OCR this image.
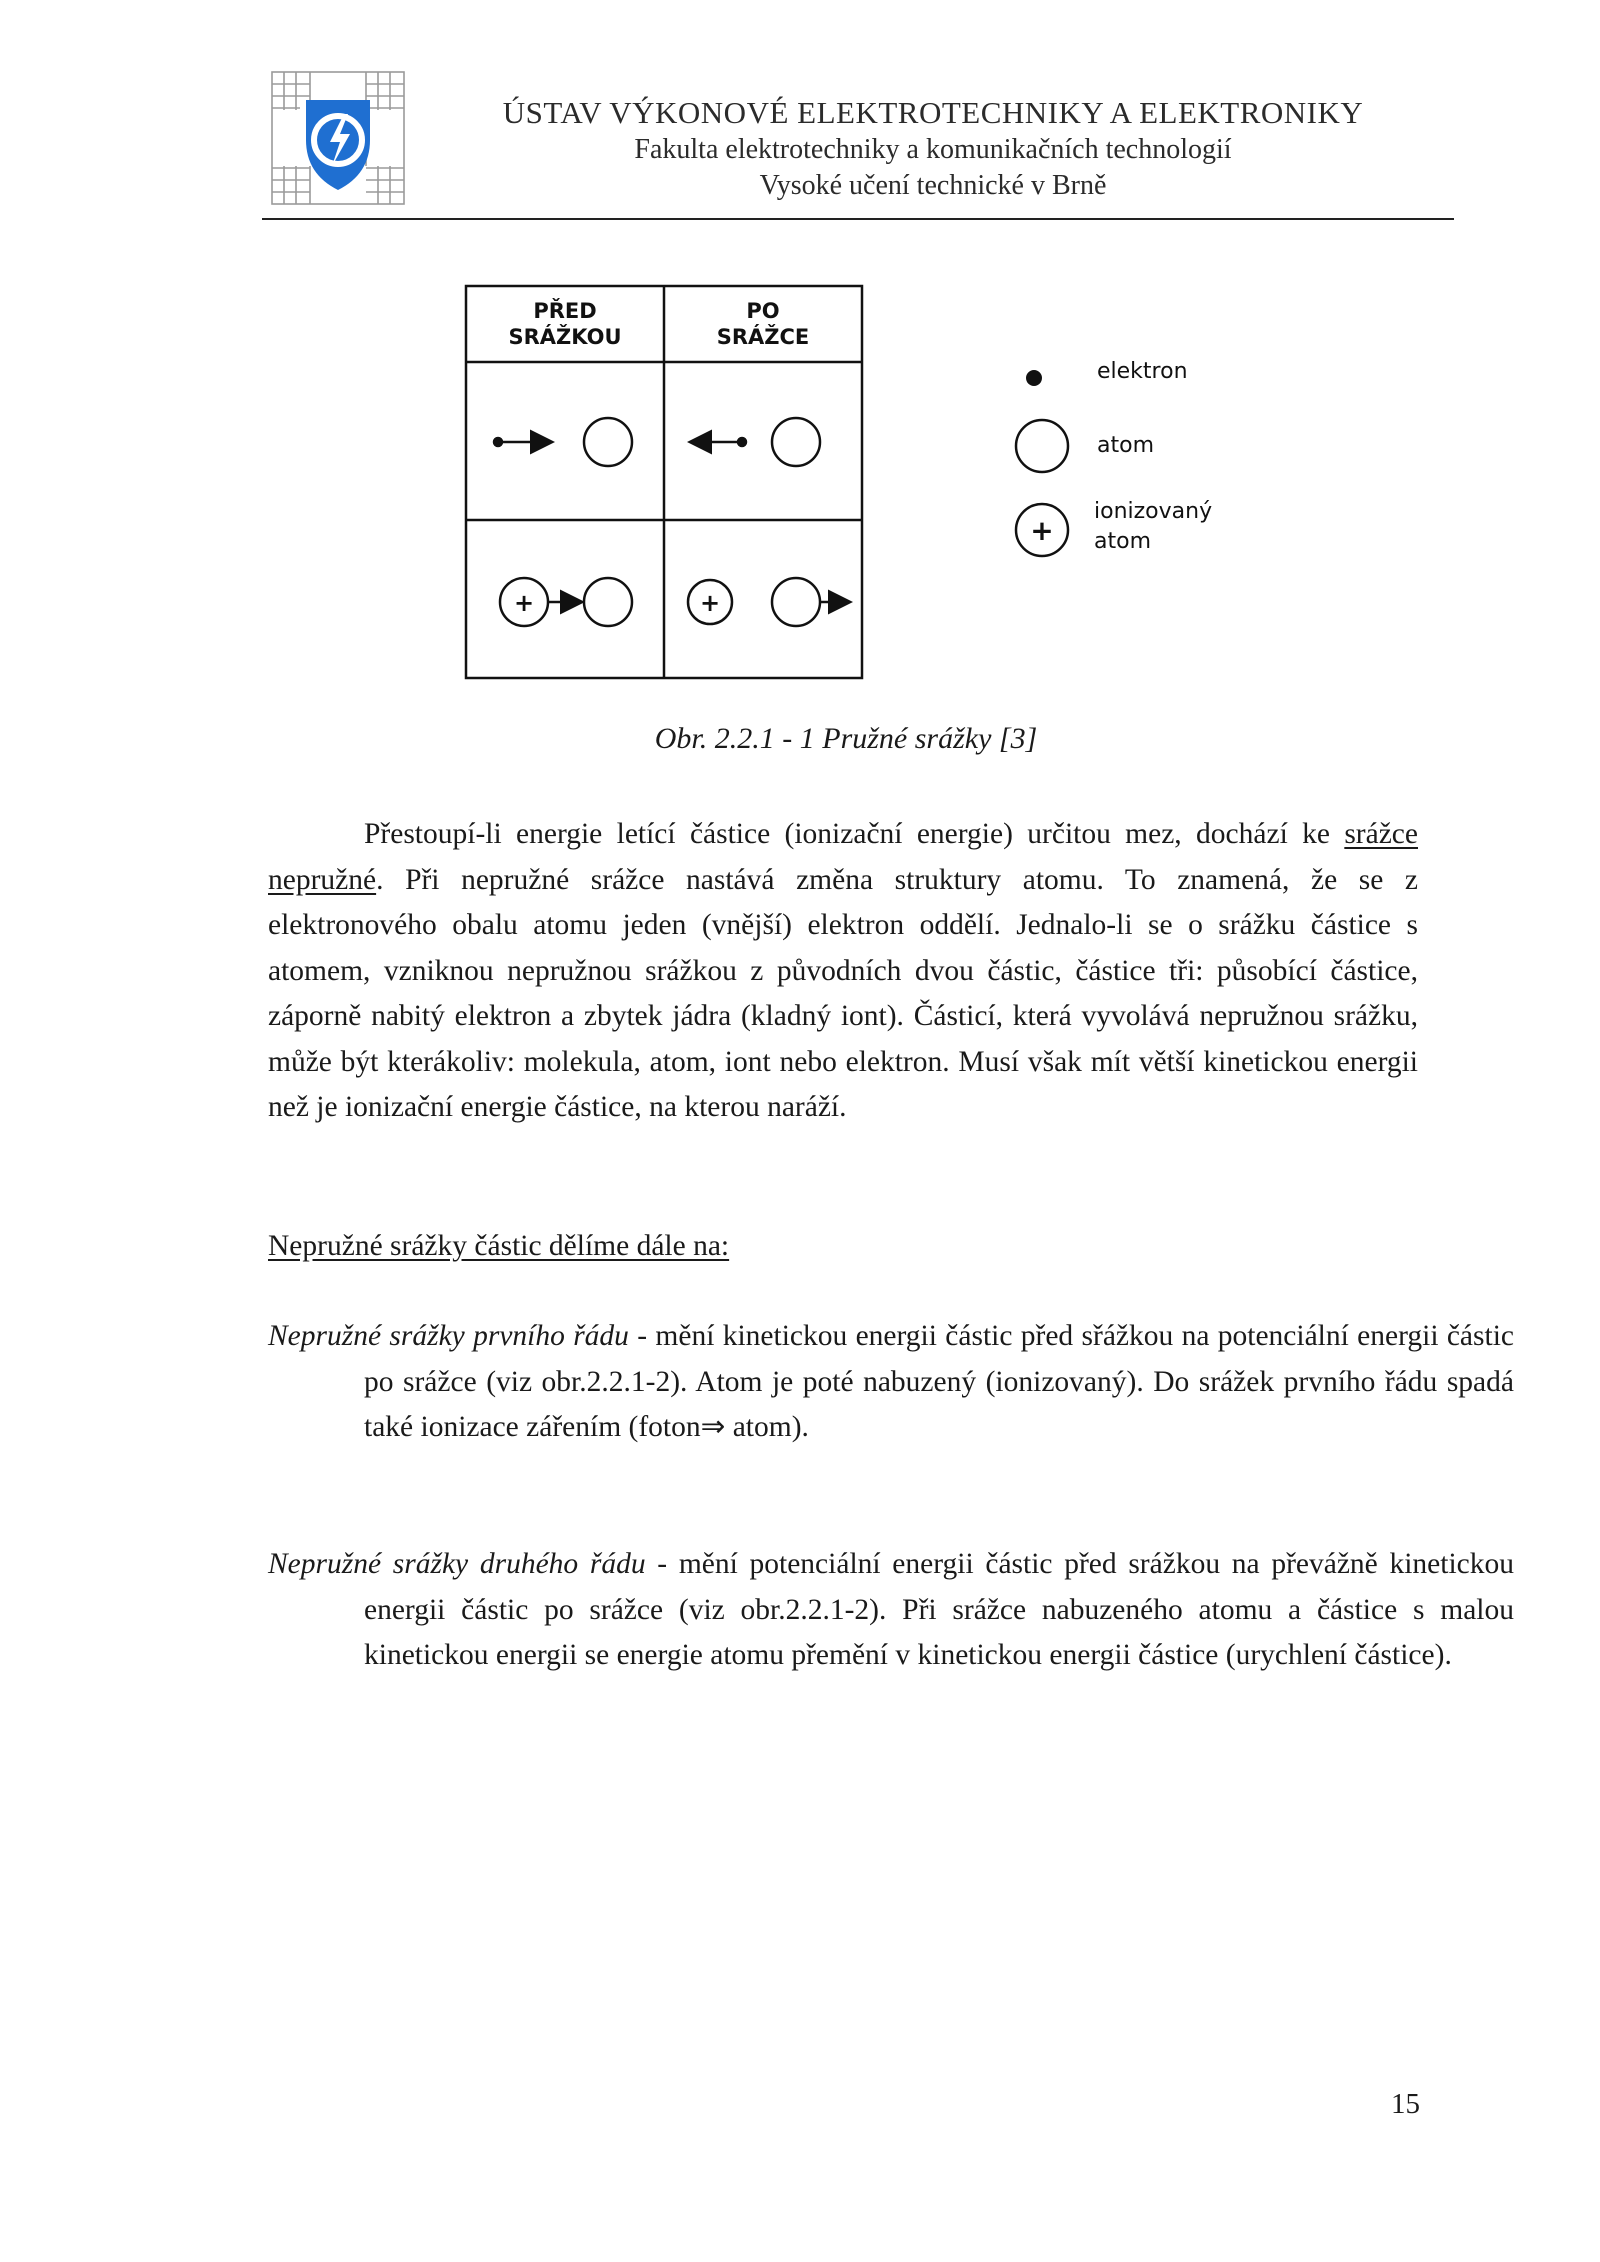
ÚSTAV VÝKONOVÉ ELEKTROTECHNIKY A ELEKTRONIKY
Fakulta elektrotechniky a komunikačních technologií
Vysoké učení technické v Brně
PŘED
SRÁŽKOU
PO
SRÁŽCE
+	+
elektron
atom
ionizovaný
atom
+
Obr. 2.2.1 - 1 Pružné srážky [3]
Přestoupí-li energie letící částice (ionizační energie) určitou mez, dochází ke srážce nepružné. Při nepružné srážce nastává změna struktury atomu. To znamená, že se z elektronového obalu atomu jeden (vnější) elektron oddělí. Jednalo-li se o srážku částice s atomem, vzniknou nepružnou srážkou z původních dvou částic, částice tři: působící částice, záporně nabitý elektron a zbytek jádra (kladný iont). Částicí, která vyvolává nepružnou srážku, může být kterákoliv: molekula, atom, iont nebo elektron. Musí však mít větší kinetickou energii než je ionizační energie částice, na kterou naráží.
Nepružné srážky částic dělíme dále na:
Nepružné srážky prvního řádu - mění kinetickou energii částic před sřážkou na potenciální energii částic po srážce (viz obr.2.2.1-2). Atom je poté nabuzený (ionizovaný). Do srážek prvního řádu spadá také ionizace zářením (foton⇒ atom).
Nepružné srážky druhého řádu - mění potenciální energii částic před srážkou na převážně kinetickou energii částic po srážce (viz obr.2.2.1-2). Při srážce nabuzeného atomu a částice s malou kinetickou energii se energie atomu přemění v kinetickou energii částice (urychlení částice).
15
